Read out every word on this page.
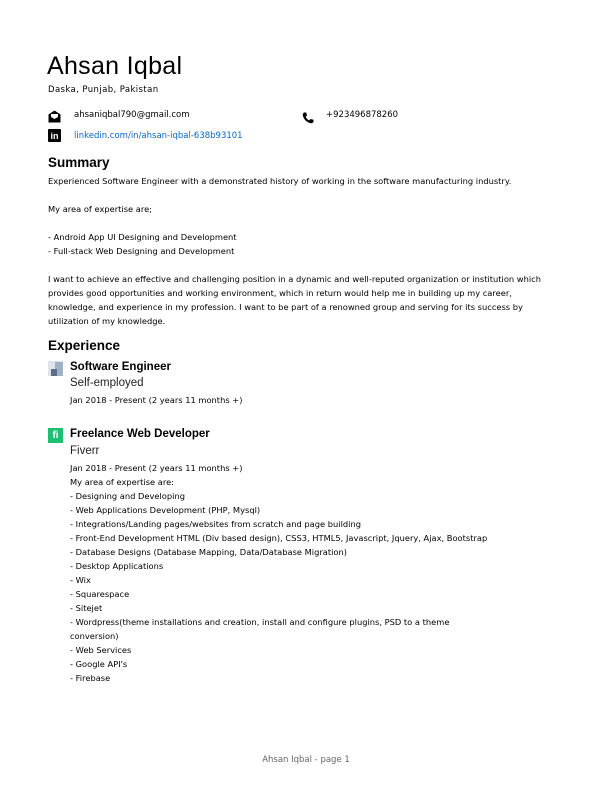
Ahsan Iqbal
Daska, Punjab, Pakistan
ahsaniqbal790@gmail.com	+923496878260
in linkedin.com/in/ahsan-iqbal-638b93101
Summary

Experienced Software Engineer with a demonstrated history of working in the software manufacturing industry.

My area of expertise are;

- Android App UI Designing and Development

- Full-stack Web Designing and Development

I want to achieve an effective and challenging position in a dynamic and well-reputed organization or institution which provides good opportunities and working environment, which in return would help me in building up my career, knowledge, and experience in my profession. I want to be part of a renowned group and serving for its success by utilization of my knowledge.

Experience
Software Engineer
Self-employed
Jan 2018 - Present (2 years 11 months +)
fi Freelance Web Developer
Fiverr
Jan 2018 - Present (2 years 11 months +)
My area of expertise are:
- Designing and Developing
- Web Applications Development (PHP, Mysql)
- Integrations/Landing pages/websites from scratch and page building
- Front-End Development HTML (Div based design), CSS3, HTML5, Javascript, Jquery, Ajax, Bootstrap
- Database Designs (Database Mapping, Data/Database Migration)
- Desktop Applications
- Wix
- Squarespace
- Sitejet
- Wordpress(theme installations and creation, install and configure plugins, PSD to a theme conversion)
- Web Services
- Google API's
- Firebase
Ahsan Iqbal - page 1
